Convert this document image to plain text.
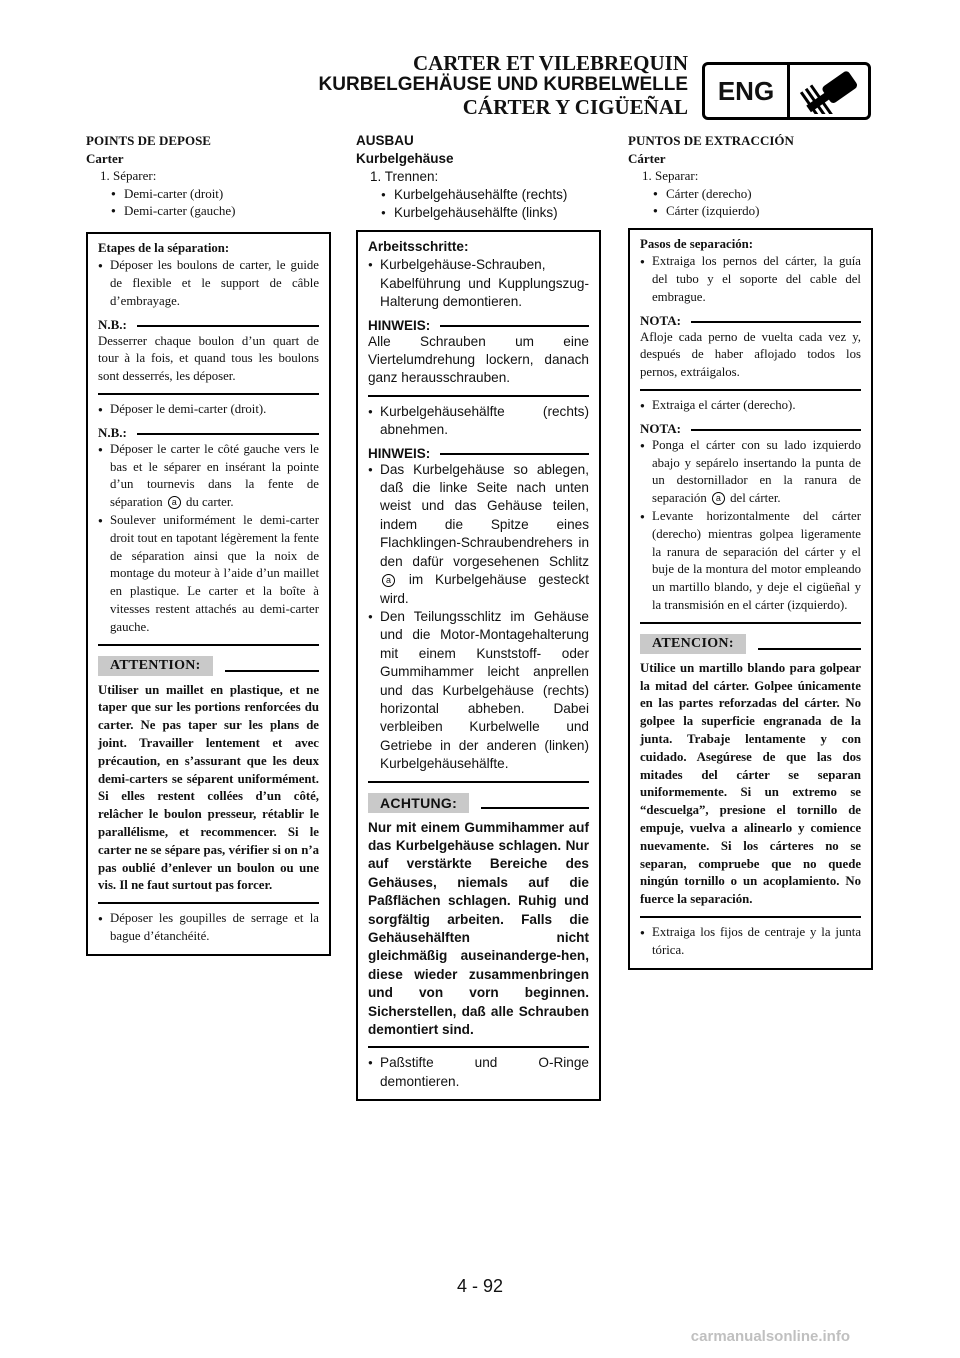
CARTER ET VILEBREQUIN
KURBELGEHÄUSE UND KURBELWELLE
CÁRTER Y CIGÜEÑAL
ENG
POINTS DE DEPOSE
Carter
1. Séparer:
● Demi-carter (droit)
● Demi-carter (gauche)
Etapes de la séparation:
● Déposer les boulons de carter, le guide de flexible et le support de câble d’embrayage.
N.B.:
Desserrer chaque boulon d’un quart de tour à la fois, et quand tous les boulons sont desserrés, les déposer.
● Déposer le demi-carter (droit).
N.B.:
● Déposer le carter le côté gauche vers le bas et le séparer en insérant la pointe d’un tournevis dans la fente de séparation a du carter.
● Soulever uniformément le demi-carter droit tout en tapotant légèrement la fente de séparation ainsi que la noix de montage du moteur à l’aide d’un maillet en plastique. Le carter et la boîte à vitesses restent attachés au demi-carter gauche.
ATTENTION:
Utiliser un maillet en plastique, et ne taper que sur les portions renforcées du carter. Ne pas taper sur les plans de joint. Travailler lentement et avec précaution, en s’assurant que les deux demi-carters se séparent uniformément. Si elles restent collées d’un côté, relâcher le boulon presseur, rétablir le parallélisme, et recommencer. Si le carter ne se sépare pas, vérifier si on n’a pas oublié d’enlever un boulon ou une vis. Il ne faut surtout pas forcer.
● Déposer les goupilles de serrage et la bague d’étanchéité.
AUSBAU
Kurbelgehäuse
1. Trennen:
● Kurbelgehäusehälfte (rechts)
● Kurbelgehäusehälfte (links)
Arbeitsschritte:
● Kurbelgehäuse-Schrauben, Kabelführung und Kupplungszug-Halterung demontieren.
HINWEIS:
Alle Schrauben um eine Viertelumdrehung lockern, danach ganz herausschrauben.
● Kurbelgehäusehälfte (rechts) abnehmen.
HINWEIS:
● Das Kurbelgehäuse so ablegen, daß die linke Seite nach unten weist und das Gehäuse teilen, indem die Spitze eines Flachklingen-Schraubendrehers in den dafür vorgesehenen Schlitz a im Kurbelgehäuse gesteckt wird.
● Den Teilungsschlitz im Gehäuse und die Motor-Montagehalterung mit einem Kunststoff- oder Gummihammer leicht anprellen und das Kurbelgehäuse (rechts) horizontal abheben. Dabei verbleiben Kurbelwelle und Getriebe in der anderen (linken) Kurbelgehäusehälfte.
ACHTUNG:
Nur mit einem Gummihammer auf das Kurbelgehäuse schlagen. Nur auf verstärkte Bereiche des Gehäuses, niemals auf die Paßflächen schlagen. Ruhig und sorgfältig arbeiten. Falls die Gehäusehälften nicht gleichmäßig auseinanderge-hen, diese wieder zusammenbringen und von vorn beginnen. Sicherstellen, daß alle Schrauben demontiert sind.
● Paßstifte und O-Ringe demontieren.
PUNTOS DE EXTRACCIÓN
Cárter
1. Separar:
● Cárter (derecho)
● Cárter (izquierdo)
Pasos de separación:
● Extraiga los pernos del cárter, la guía del tubo y el soporte del cable del embrague.
NOTA:
Afloje cada perno de vuelta cada vez y, después de haber aflojado todos los pernos, extráigalos.
● Extraiga el cárter (derecho).
NOTA:
● Ponga el cárter con su lado izquierdo abajo y sepárelo insertando la punta de un destornillador en la ranura de separación a del cárter.
● Levante horizontalmente del cárter (derecho) mientras golpea ligeramente la ranura de separación del cárter y el buje de la montura del motor empleando un martillo blando, y deje el cigüeñal y la transmisión en el cárter (izquierdo).
ATENCION:
Utilice un martillo blando para golpear la mitad del cárter. Golpee únicamente en las partes reforzadas del cárter. No golpee la superficie engranada de la junta. Trabaje lentamente y con cuidado. Asegúrese de que las dos mitades del cárter se separan uniformemente. Si un extremo se “descuelga”, presione el tornillo de empuje, vuelva a alinearlo y comience nuevamente. Si los cárteres no se separan, compruebe que no quede ningún tornillo o un acoplamiento. No fuerce la separación.
● Extraiga los fijos de centraje y la junta tórica.
4 - 92
carmanualsonline.info
